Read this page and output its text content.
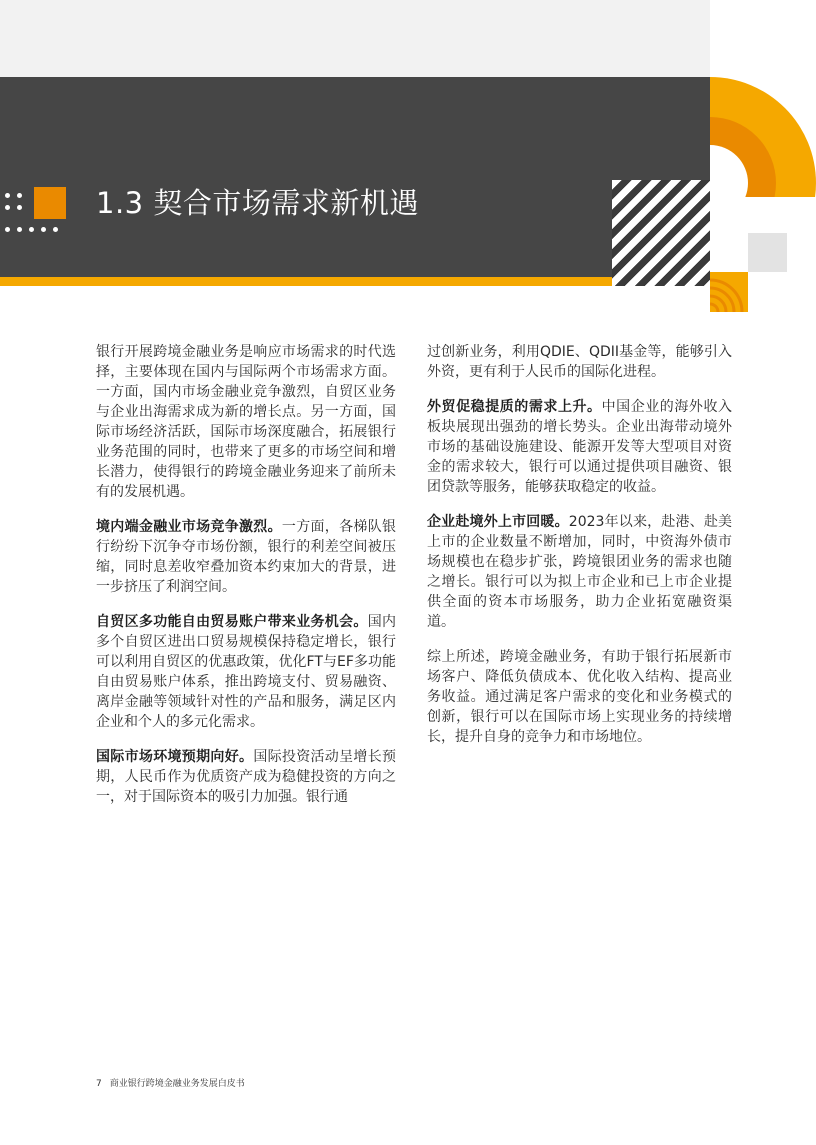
1.3 契合市场需求新机遇

银行开展跨境金融业务是响应市场需求的时代选择，主要体现在国内与国际两个市场需求方面。一方面，国内市场金融业竞争激烈，自贸区业务与企业出海需求成为新的增长点。另一方面，国际市场经济活跃，国际市场深度融合，拓展银行业务范围的同时，也带来了更多的市场空间和增长潜力，使得银行的跨境金融业务迎来了前所未有的发展机遇。

境内端金融业市场竞争激烈。一方面，各梯队银行纷纷下沉争夺市场份额，银行的利差空间被压缩，同时息差收窄叠加资本约束加大的背景，进一步挤压了利润空间。

自贸区多功能自由贸易账户带来业务机会。国内多个自贸区进出口贸易规模保持稳定增长，银行可以利用自贸区的优惠政策，优化FT与EF多功能自由贸易账户体系，推出跨境支付、贸易融资、离岸金融等领域针对性的产品和服务，满足区内企业和个人的多元化需求。

国际市场环境预期向好。国际投资活动呈增长预期，人民币作为优质资产成为稳健投资的方向之一，对于国际资本的吸引力加强。银行通

过创新业务，利用QDIE、QDII基金等，能够引入外资，更有利于人民币的国际化进程。

外贸促稳提质的需求上升。中国企业的海外收入板块展现出强劲的增长势头。企业出海带动境外市场的基础设施建设、能源开发等大型项目对资金的需求较大，银行可以通过提供项目融资、银团贷款等服务，能够获取稳定的收益。

企业赴境外上市回暖。2023年以来，赴港、赴美上市的企业数量不断增加，同时，中资海外债市场规模也在稳步扩张，跨境银团业务的需求也随之增长。银行可以为拟上市企业和已上市企业提供全面的资本市场服务，助力企业拓宽融资渠道。

综上所述，跨境金融业务，有助于银行拓展新市场客户、降低负债成本、优化收入结构、提高业务收益。通过满足客户需求的变化和业务模式的创新，银行可以在国际市场上实现业务的持续增长，提升自身的竞争力和市场地位。

7 商业银行跨境金融业务发展白皮书
